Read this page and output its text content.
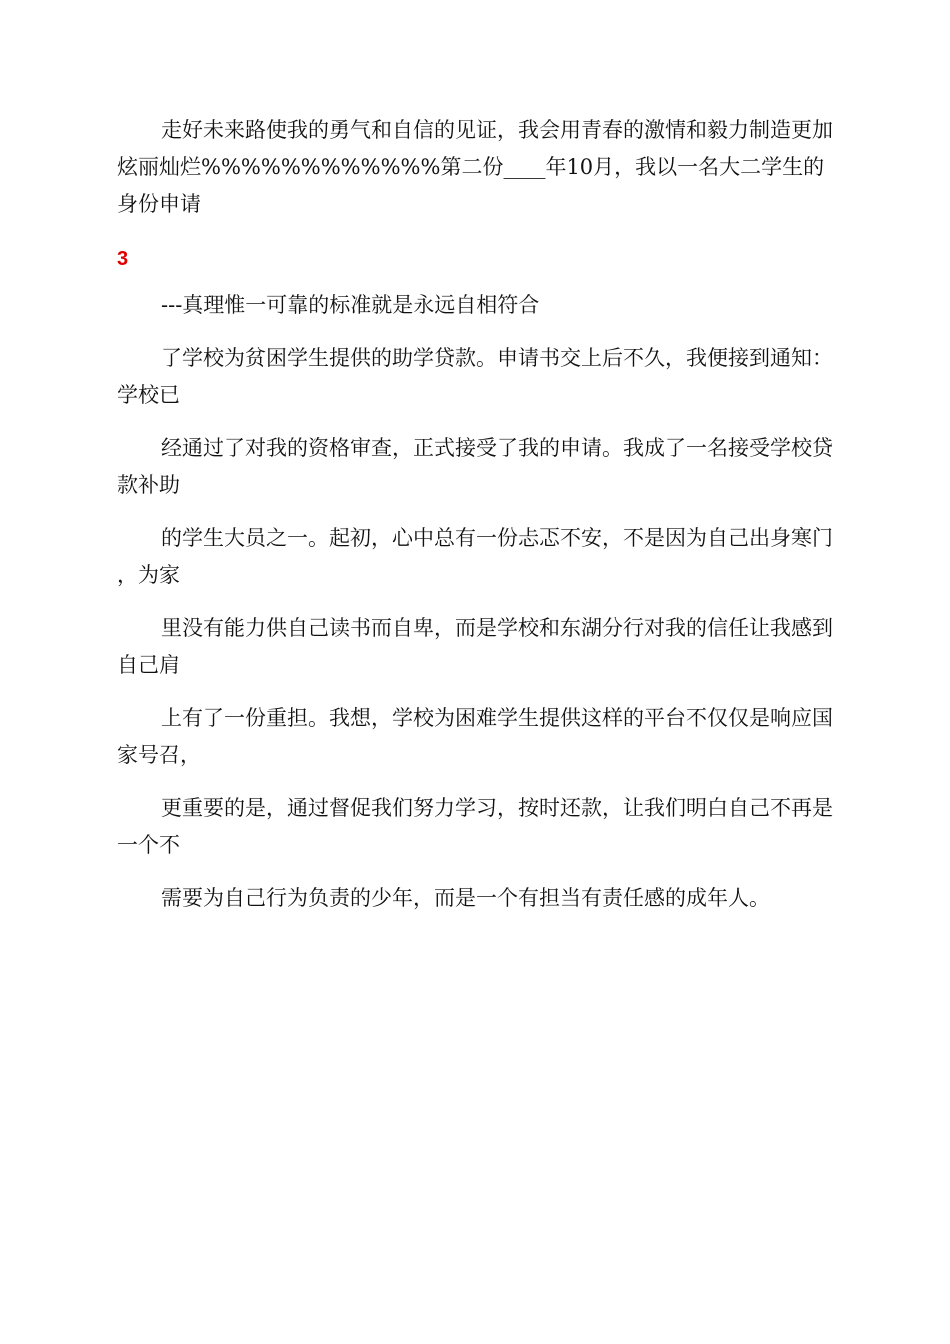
走好未来路使我的勇气和自信的见证，我会用青春的激情和毅力制造更加炫丽灿烂%%%%%%%%%%%%第二份____年10月，我以一名大二学生的身份申请

3

---真理惟一可靠的标准就是永远自相符合

了学校为贫困学生提供的助学贷款。申请书交上后不久，我便接到通知：学校已

经通过了对我的资格审查，正式接受了我的申请。我成了一名接受学校贷款补助

的学生大员之一。起初，心中总有一份忐忑不安，不是因为自己出身寒门，为家

里没有能力供自己读书而自卑，而是学校和东湖分行对我的信任让我感到自己肩

上有了一份重担。我想，学校为困难学生提供这样的平台不仅仅是响应国家号召，

更重要的是，通过督促我们努力学习，按时还款，让我们明白自己不再是一个不

需要为自己行为负责的少年，而是一个有担当有责任感的成年人。
